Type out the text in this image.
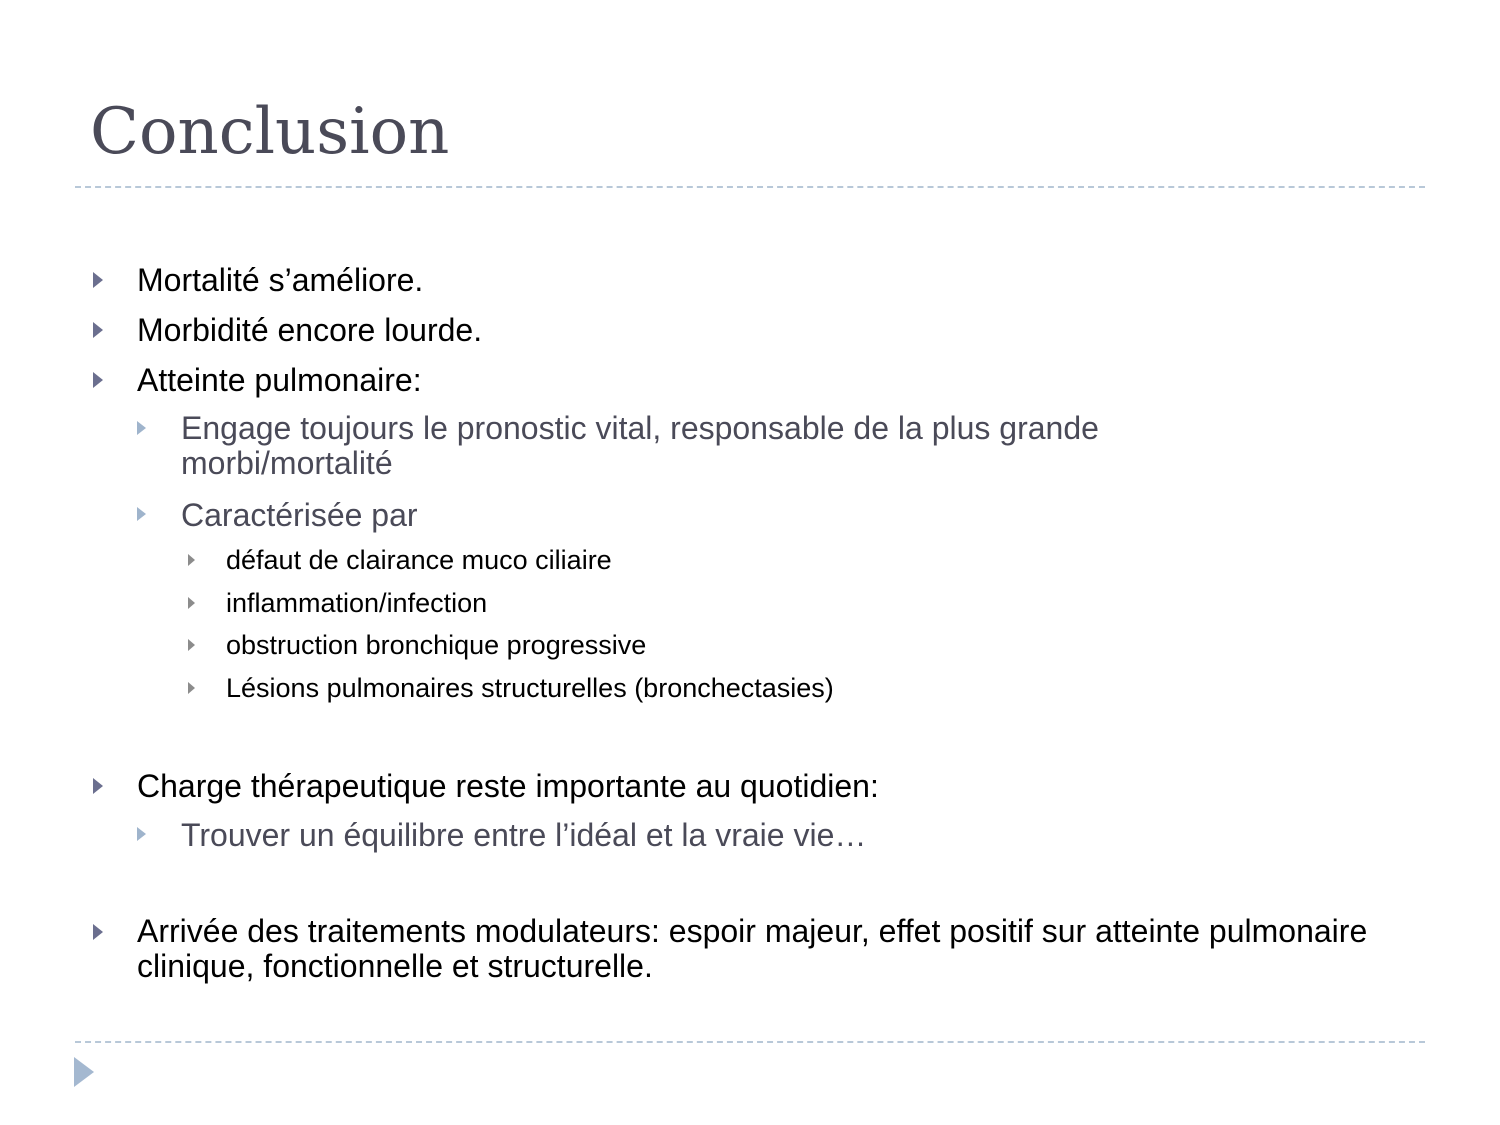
Conclusion
Mortalité s’améliore.
Morbidité encore lourde.
Atteinte pulmonaire:
Engage toujours le pronostic vital, responsable de la plus grande morbi/mortalité
Caractérisée par
défaut de clairance muco ciliaire
inflammation/infection
obstruction bronchique progressive
Lésions pulmonaires structurelles (bronchectasies)
Charge thérapeutique reste importante au quotidien:
Trouver un équilibre entre l’idéal et la vraie vie…
Arrivée des traitements modulateurs: espoir majeur, effet positif sur atteinte pulmonaire clinique, fonctionnelle et structurelle.
